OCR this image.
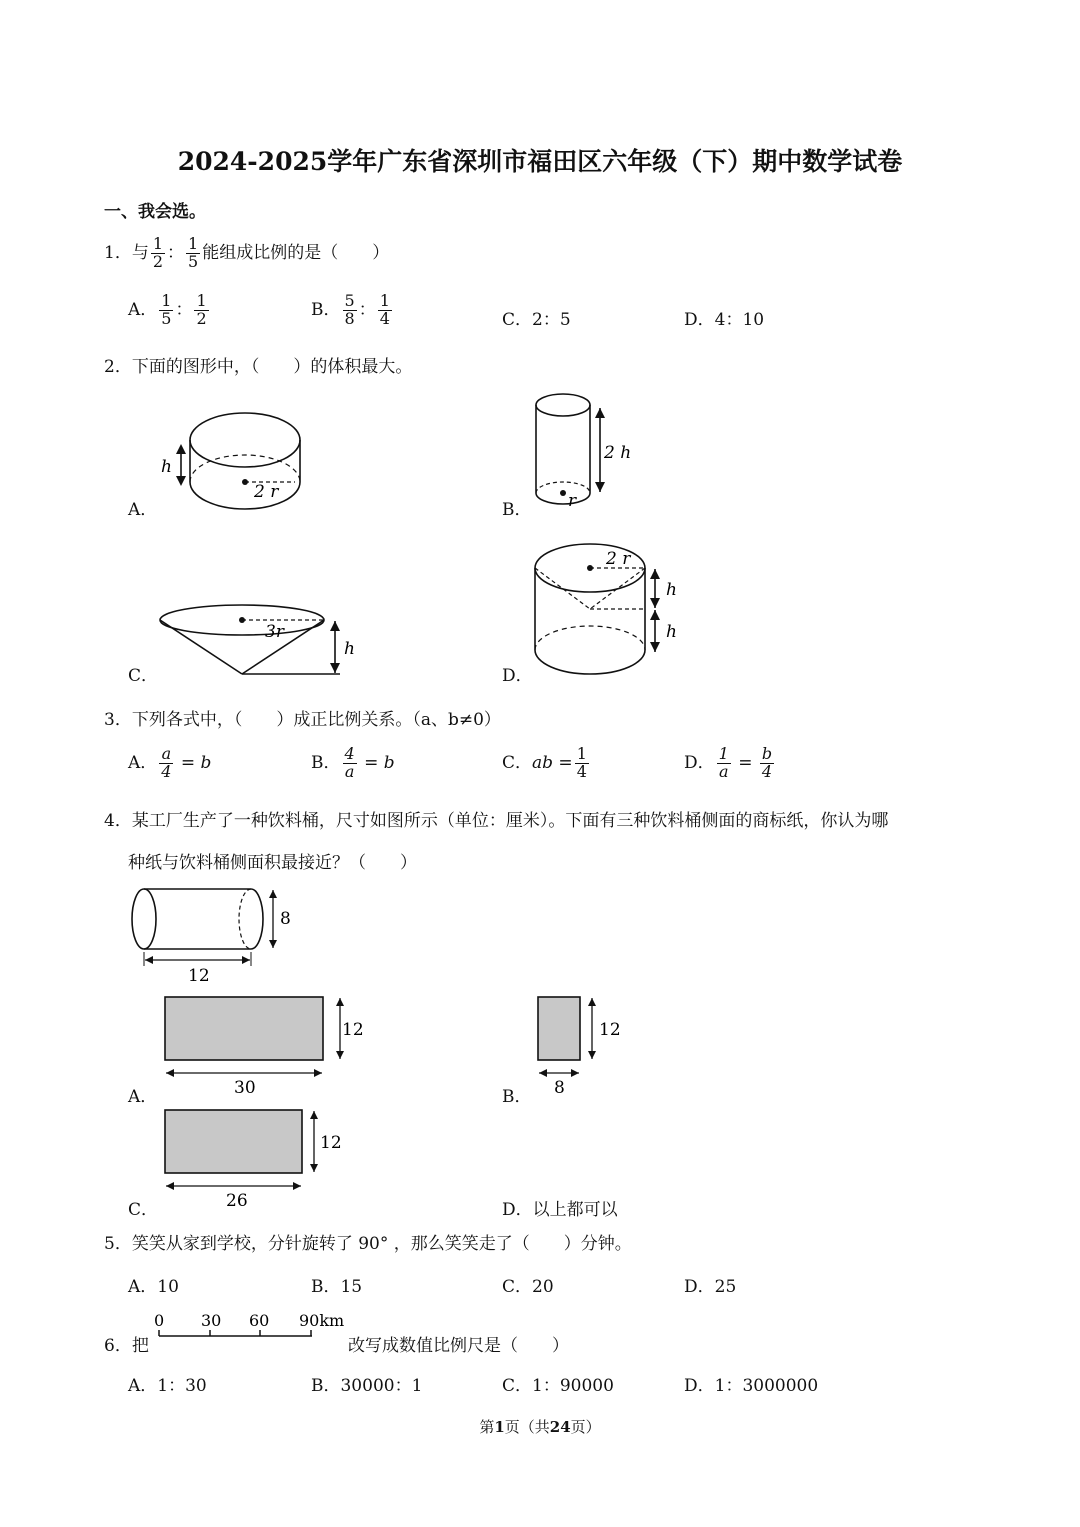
2024-2025学年广东省深圳市福田区六年级（下）期中数学试卷
一、我会选。
1．与 $\frac{1}{2}$ ： $\frac{1}{5}$ 能组成比例的是（　　）
A． $\frac{1}{5}$ ： $\frac{1}{2}$	B． $\frac{5}{8}$ ： $\frac{1}{4}$	C．2：5	D．4：10
2．下面的图形中，（　　）的体积最大。
h
2 r
A．
2 h
r
B．
3r
h
C．
2 r
h
h
D．
3．下列各式中，（　　）成正比例关系。（a、b≠0）
A． $\frac{a}{4} = b$	B． $\frac{4}{a} = b$	C．ab = $\frac{1}{4}$	D． $\frac{1}{a} = \frac{b}{4}$
4．某工厂生产了一种饮料桶，尺寸如图所示（单位：厘米）。下面有三种饮料桶侧面的商标纸，你认为哪
种纸与饮料桶侧面积最接近？（　　）
8
12
12
30
A．
12
8
B．
12
26
C．	D．以上都可以
5．笑笑从家到学校，分针旋转了 90° ，那么笑笑走了（　　）分钟。
A．10	B．15	C．20	D．25
6．把
0 30 60 90km
改写成数值比例尺是（　　）
A．1：30	B．30000：1	C．1：90000	D．1：3000000
第1页（共24页）
